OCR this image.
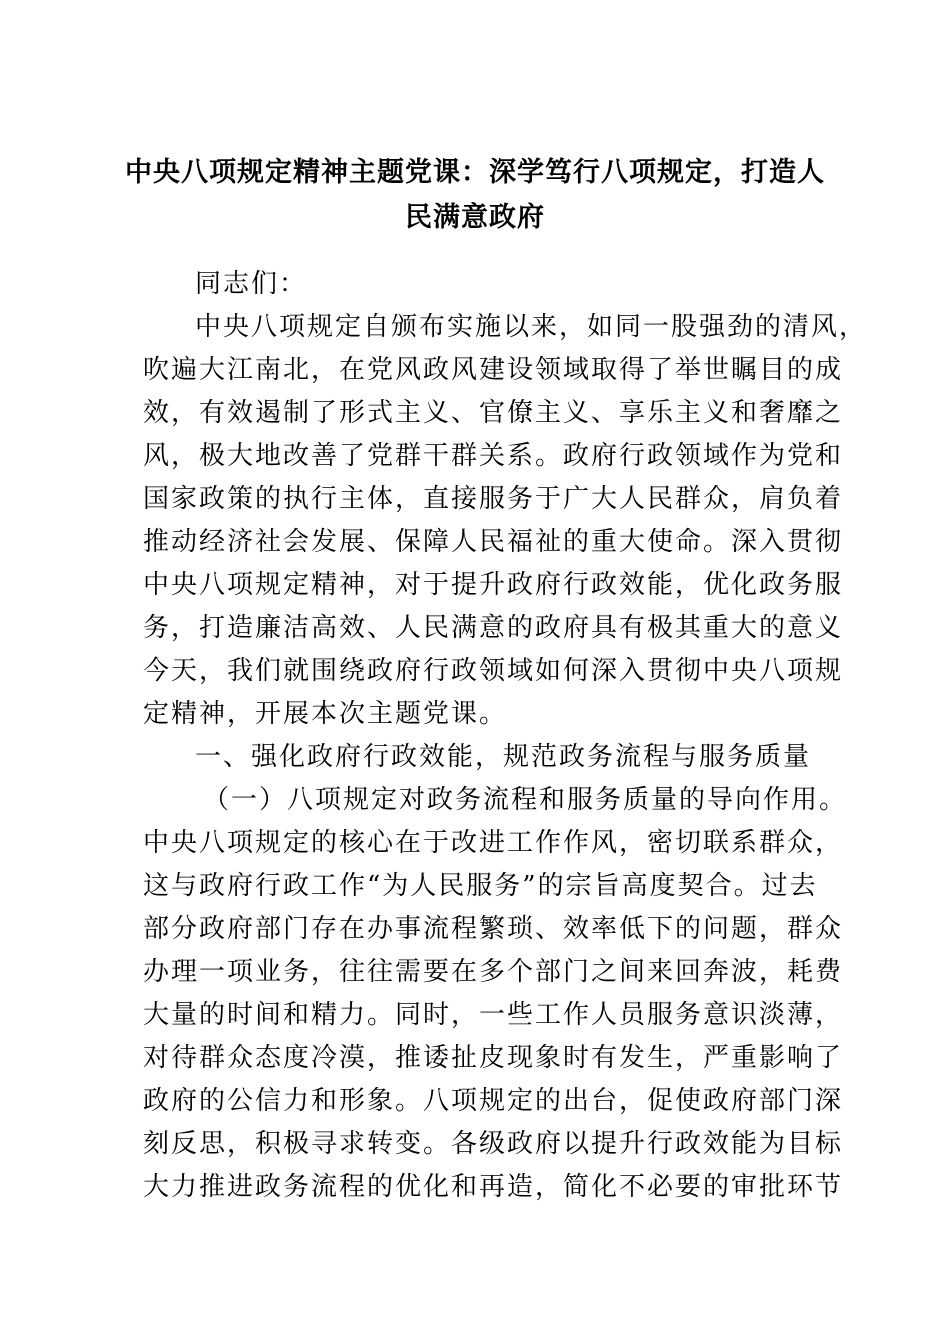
中央八项规定精神主题党课：深学笃行八项规定，打造人
民满意政府
同志们：
中央八项规定自颁布实施以来，如同一股强劲的清风，
吹遍大江南北，在党风政风建设领域取得了举世瞩目的成
效，有效遏制了形式主义、官僚主义、享乐主义和奢靡之
风，极大地改善了党群干群关系。政府行政领域作为党和
国家政策的执行主体，直接服务于广大人民群众，肩负着
推动经济社会发展、保障人民福祉的重大使命。深入贯彻
中央八项规定精神，对于提升政府行政效能，优化政务服
务，打造廉洁高效、人民满意的政府具有极其重大的意义
今天，我们就围绕政府行政领域如何深入贯彻中央八项规
定精神，开展本次主题党课。
一、强化政府行政效能，规范政务流程与服务质量
（一）八项规定对政务流程和服务质量的导向作用。
中央八项规定的核心在于改进工作作风，密切联系群众，
这与政府行政工作“为人民服务”的宗旨高度契合。过去
部分政府部门存在办事流程繁琐、效率低下的问题，群众
办理一项业务，往往需要在多个部门之间来回奔波，耗费
大量的时间和精力。同时，一些工作人员服务意识淡薄，
对待群众态度冷漠，推诿扯皮现象时有发生，严重影响了
政府的公信力和形象。八项规定的出台，促使政府部门深
刻反思，积极寻求转变。各级政府以提升行政效能为目标
大力推进政务流程的优化和再造，简化不必要的审批环节
